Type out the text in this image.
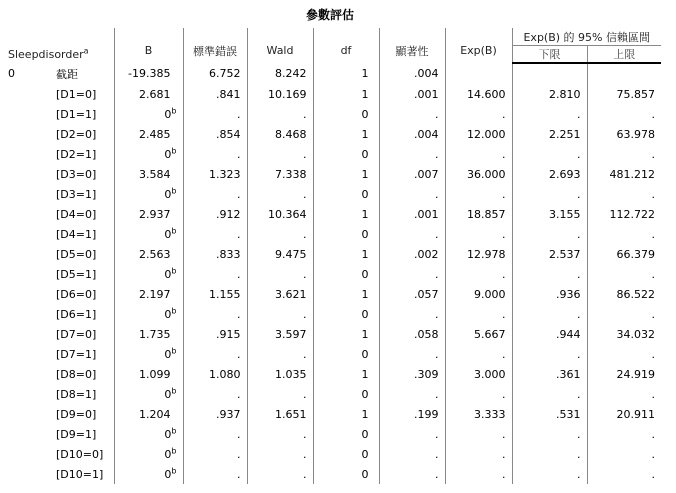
參數評估
Sleepdisorder$^a$		B	標準錯誤	Wald	df	顯著性	Exp(B)	Exp(B) 的 95% 信賴區間	
								下限	上限
0	截距	-19.385	6.752	8.242	1	.004			
	[D1=0]	2.681	.841	10.169	1	.001	14.600	2.810	75.857
	[D1=1]	0$^b$	.	.	0	.	.	.	.
	[D2=0]	2.485	.854	8.468	1	.004	12.000	2.251	63.978
	[D2=1]	0$^b$	.	.	0	.	.	.	.
	[D3=0]	3.584	1.323	7.338	1	.007	36.000	2.693	481.212
	[D3=1]	0$^b$	.	.	0	.	.	.	.
	[D4=0]	2.937	.912	10.364	1	.001	18.857	3.155	112.722
	[D4=1]	0$^b$	.	.	0	.	.	.	.
	[D5=0]	2.563	.833	9.475	1	.002	12.978	2.537	66.379
	[D5=1]	0$^b$	.	.	0	.	.	.	.
	[D6=0]	2.197	1.155	3.621	1	.057	9.000	.936	86.522
	[D6=1]	0$^b$	.	.	0	.	.	.	.
	[D7=0]	1.735	.915	3.597	1	.058	5.667	.944	34.032
	[D7=1]	0$^b$	.	.	0	.	.	.	.
	[D8=0]	1.099	1.080	1.035	1	.309	3.000	.361	24.919
	[D8=1]	0$^b$	.	.	0	.	.	.	.
	[D9=0]	1.204	.937	1.651	1	.199	3.333	.531	20.911
	[D9=1]	0$^b$	.	.	0	.	.	.	.
	[D10=0]	0$^b$	.	.	0	.	.	.	.
	[D10=1]	0$^b$	.	.	0	.	.	.	.
